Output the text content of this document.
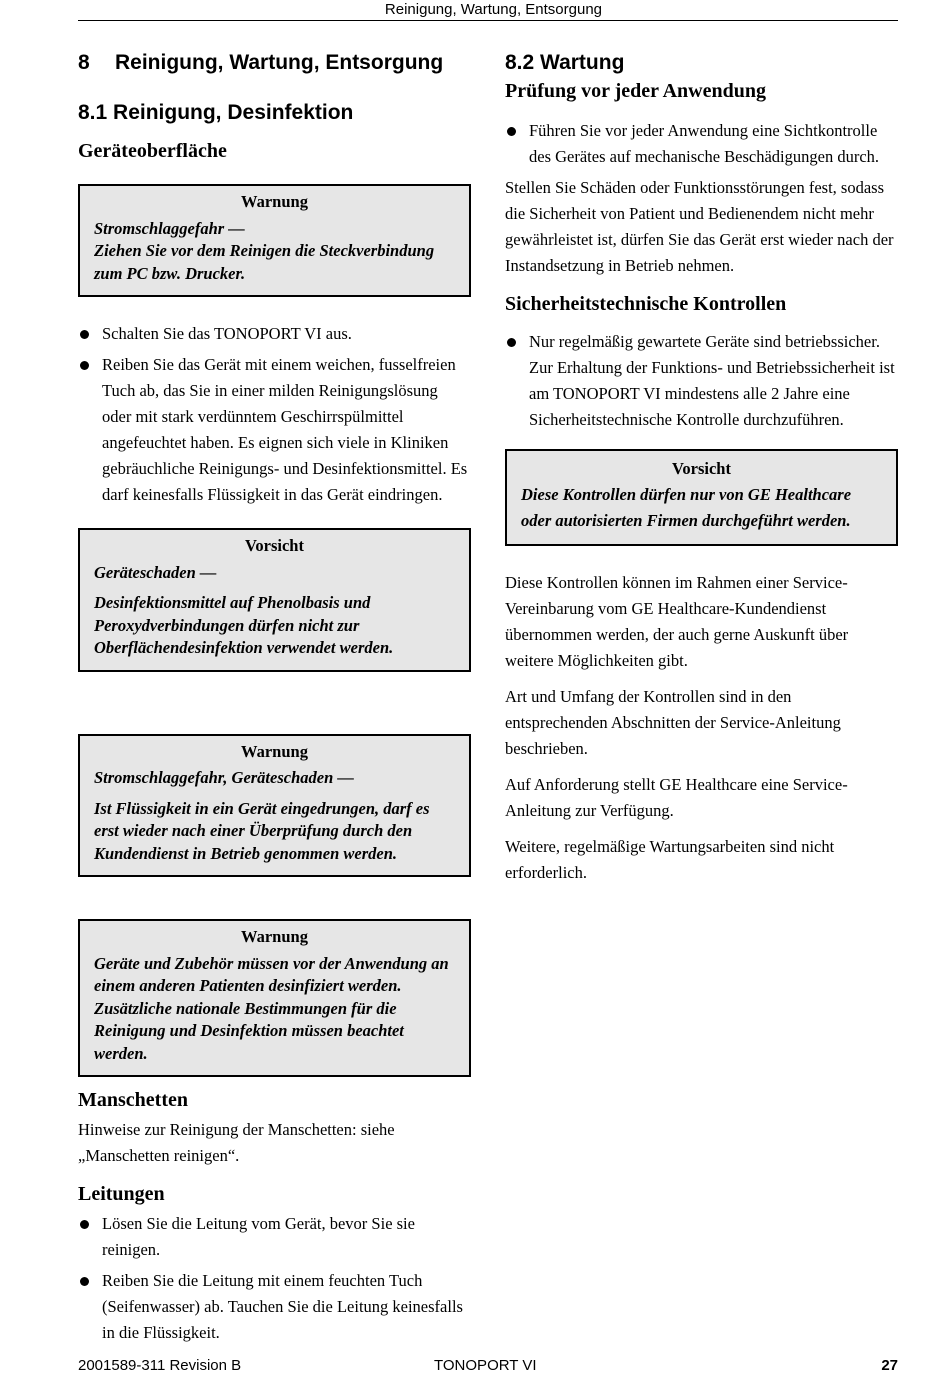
Reinigung, Wartung, Entsorgung
8 Reinigung, Wartung, Entsorgung
8.1 Reinigung, Desinfektion
Geräteoberfläche
Warnung
Stromschlaggefahr —
Ziehen Sie vor dem Reinigen die Steckverbindung zum PC bzw. Drucker.
Schalten Sie das TONOPORT VI aus.
Reiben Sie das Gerät mit einem weichen, fusselfreien Tuch ab, das Sie in einer milden Reinigungslösung oder mit stark verdünntem Geschirrspülmittel angefeuchtet haben. Es eignen sich viele in Kliniken gebräuchliche Reinigungs- und Desinfektionsmittel. Es darf keinesfalls Flüssigkeit in das Gerät eindringen.
Vorsicht
Geräteschaden —
Desinfektionsmittel auf Phenolbasis und Peroxydverbindungen dürfen nicht zur Oberflächendesinfektion verwendet werden.
Warnung
Stromschlaggefahr, Geräteschaden —
Ist Flüssigkeit in ein Gerät eingedrungen, darf es erst wieder nach einer Überprüfung durch den Kundendienst in Betrieb genommen werden.
Warnung
Geräte und Zubehör müssen vor der Anwendung an einem anderen Patienten desinfiziert werden. Zusätzliche nationale Bestimmungen für die Reinigung und Desinfektion müssen beachtet werden.
Manschetten
Hinweise zur Reinigung der Manschetten: siehe „Manschetten reinigen“.
Leitungen
Lösen Sie die Leitung vom Gerät, bevor Sie sie reinigen.
Reiben Sie die Leitung mit einem feuchten Tuch (Seifenwasser) ab. Tauchen Sie die Leitung keinesfalls in die Flüssigkeit.
8.2 Wartung
Prüfung vor jeder Anwendung
Führen Sie vor jeder Anwendung eine Sichtkontrolle des Gerätes auf mechanische Beschädigungen durch.
Stellen Sie Schäden oder Funktionsstörungen fest, sodass die Sicherheit von Patient und Bedienendem nicht mehr gewährleistet ist, dürfen Sie das Gerät erst wieder nach der Instandsetzung in Betrieb nehmen.
Sicherheitstechnische Kontrollen
Nur regelmäßig gewartete Geräte sind betriebssicher. Zur Erhaltung der Funktions- und Betriebssicherheit ist am TONOPORT VI mindestens alle 2 Jahre eine Sicherheitstechnische Kontrolle durchzuführen.
Vorsicht
Diese Kontrollen dürfen nur von GE Healthcare oder autorisierten Firmen durchgeführt werden.
Diese Kontrollen können im Rahmen einer Service-Vereinbarung vom GE Healthcare-Kundendienst übernommen werden, der auch gerne Auskunft über weitere Möglichkeiten gibt.
Art und Umfang der Kontrollen sind in den entsprechenden Abschnitten der Service-Anleitung beschrieben.
Auf Anforderung stellt GE Healthcare eine Service-Anleitung zur Verfügung.
Weitere, regelmäßige Wartungsarbeiten sind nicht erforderlich.
2001589-311 Revision B	TONOPORT VI	27
